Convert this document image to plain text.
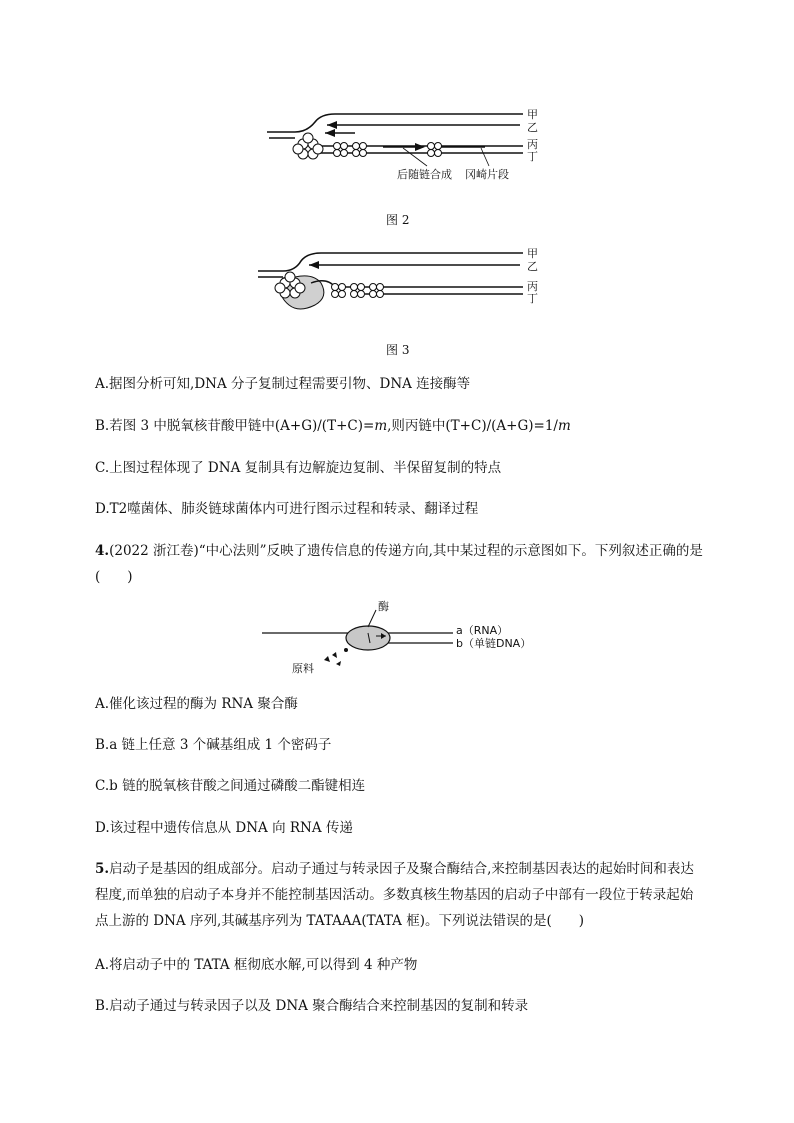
甲
乙
丙
丁
后随链合成 冈崎片段
图 2
甲
乙
丙
丁
图 3
A.据图分析可知,DNA 分子复制过程需要引物、DNA 连接酶等
B.若图 3 中脱氧核苷酸甲链中(A+G)/(T+C)=m,则丙链中(T+C)/(A+G)=1/m
C.上图过程体现了 DNA 复制具有边解旋边复制、半保留复制的特点
D.T2噬菌体、肺炎链球菌体内可进行图示过程和转录、翻译过程
4.(2022 浙江卷)“中心法则”反映了遗传信息的传递方向,其中某过程的示意图如下。下列叙述正确的是(　　)
酶
a（RNA）
b（单链DNA）
原料
A.催化该过程的酶为 RNA 聚合酶
B.a 链上任意 3 个碱基组成 1 个密码子
C.b 链的脱氧核苷酸之间通过磷酸二酯键相连
D.该过程中遗传信息从 DNA 向 RNA 传递
5.启动子是基因的组成部分。启动子通过与转录因子及聚合酶结合,来控制基因表达的起始时间和表达程度,而单独的启动子本身并不能控制基因活动。多数真核生物基因的启动子中部有一段位于转录起始点上游的 DNA 序列,其碱基序列为 TATAAA(TATA 框)。下列说法错误的是(　　)
A.将启动子中的 TATA 框彻底水解,可以得到 4 种产物
B.启动子通过与转录因子以及 DNA 聚合酶结合来控制基因的复制和转录
